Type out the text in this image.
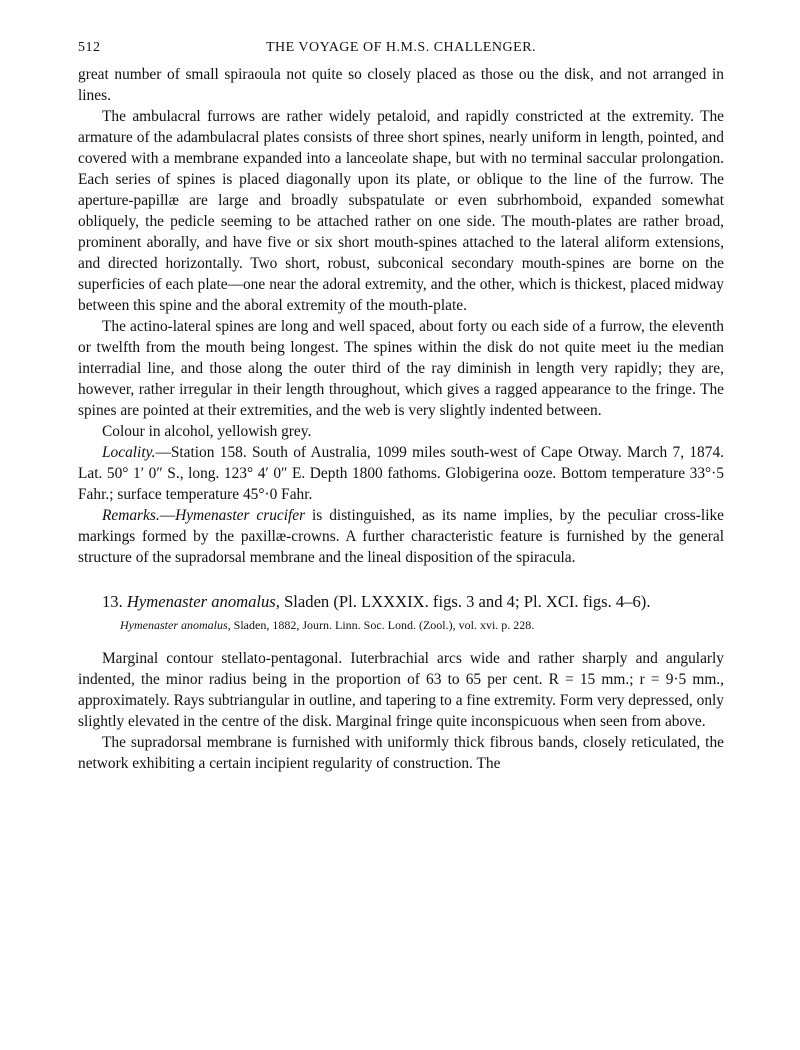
512	THE VOYAGE OF H.M.S. CHALLENGER.

great number of small spiraoula not quite so closely placed as those ou the disk, and not arranged in lines.

The ambulacral furrows are rather widely petaloid, and rapidly constricted at the extremity. The armature of the adambulacral plates consists of three short spines, nearly uniform in length, pointed, and covered with a membrane expanded into a lanceolate shape, but with no terminal saccular prolongation. Each series of spines is placed diagonally upon its plate, or oblique to the line of the furrow. The aperture-papillæ are large and broadly subspatulate or even subrhomboid, expanded somewhat obliquely, the pedicle seeming to be attached rather on one side. The mouth-plates are rather broad, prominent aborally, and have five or six short mouth-spines attached to the lateral aliform extensions, and directed horizontally. Two short, robust, subconical secondary mouth-spines are borne on the superficies of each plate—one near the adoral extremity, and the other, which is thickest, placed midway between this spine and the aboral extremity of the mouth-plate.

The actino-lateral spines are long and well spaced, about forty ou each side of a furrow, the eleventh or twelfth from the mouth being longest. The spines within the disk do not quite meet iu the median interradial line, and those along the outer third of the ray diminish in length very rapidly; they are, however, rather irregular in their length throughout, which gives a ragged appearance to the fringe. The spines are pointed at their extremities, and the web is very slightly indented between.

Colour in alcohol, yellowish grey.

Locality.—Station 158. South of Australia, 1099 miles south-west of Cape Otway. March 7, 1874. Lat. 50° 1′ 0″ S., long. 123° 4′ 0″ E. Depth 1800 fathoms. Globigerina ooze. Bottom temperature 33°·5 Fahr.; surface temperature 45°·0 Fahr.

Remarks.—Hymenaster crucifer is distinguished, as its name implies, by the peculiar cross-like markings formed by the paxillæ-crowns. A further characteristic feature is furnished by the general structure of the supradorsal membrane and the lineal disposition of the spiracula.

13. Hymenaster anomalus, Sladen (Pl. LXXXIX. figs. 3 and 4; Pl. XCI. figs. 4–6).

Hymenaster anomalus, Sladen, 1882, Journ. Linn. Soc. Lond. (Zool.), vol. xvi. p. 228.

Marginal contour stellato-pentagonal. Iuterbrachial arcs wide and rather sharply and angularly indented, the minor radius being in the proportion of 63 to 65 per cent. R = 15 mm.; r = 9·5 mm., approximately. Rays subtriangular in outline, and tapering to a fine extremity. Form very depressed, only slightly elevated in the centre of the disk. Marginal fringe quite inconspicuous when seen from above.

The supradorsal membrane is furnished with uniformly thick fibrous bands, closely reticulated, the network exhibiting a certain incipient regularity of construction. The
